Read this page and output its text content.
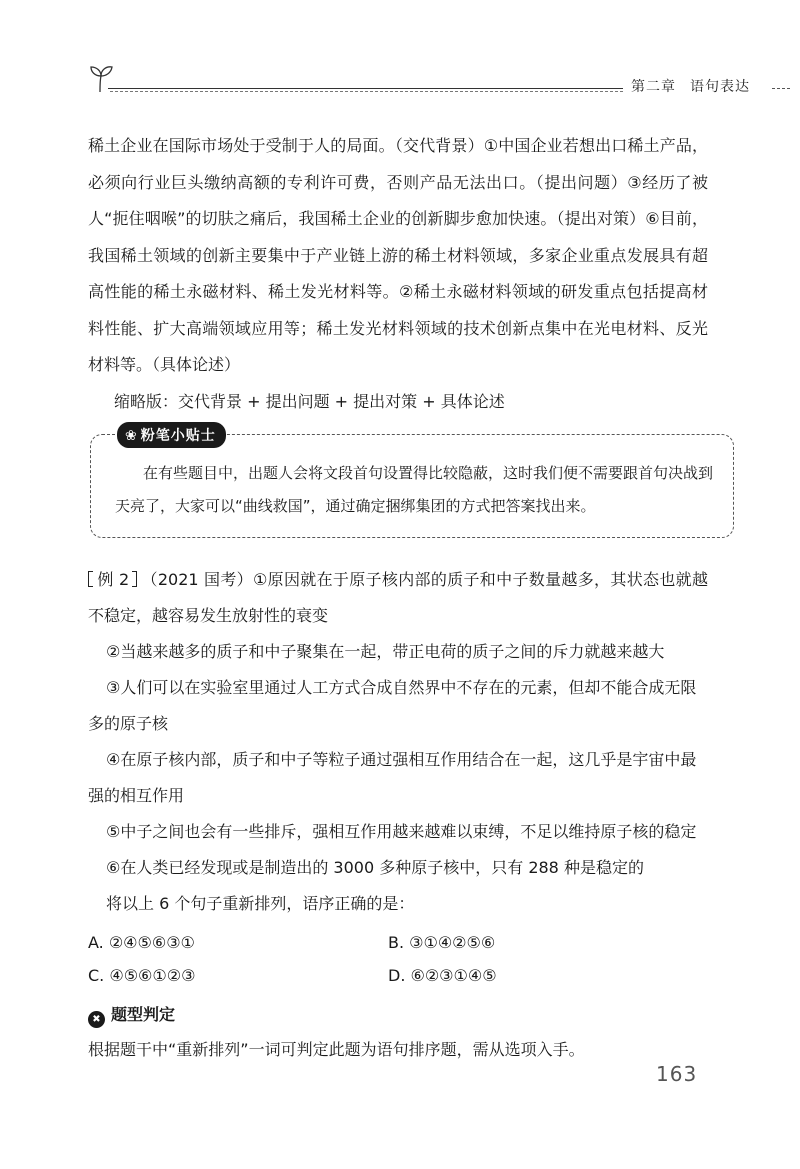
第二章 语句表达

稀土企业在国际市场处于受制于人的局面。（交代背景）①中国企业若想出口稀土产品，必须向行业巨头缴纳高额的专利许可费，否则产品无法出口。（提出问题）③经历了被人“扼住咽喉”的切肤之痛后，我国稀土企业的创新脚步愈加快速。（提出对策）⑥目前，我国稀土领域的创新主要集中于产业链上游的稀土材料领域，多家企业重点发展具有超高性能的稀土永磁材料、稀土发光材料等。②稀土永磁材料领域的研发重点包括提高材料性能、扩大高端领域应用等；稀土发光材料领域的技术创新点集中在光电材料、反光材料等。（具体论述）

缩略版：交代背景 + 提出问题 + 提出对策 + 具体论述

❀ 粉笔小贴士

在有些题目中，出题人会将文段首句设置得比较隐蔽，这时我们便不需要跟首句决战到天亮了，大家可以“曲线救国”，通过确定捆绑集团的方式把答案找出来。

例 2 （2021 国考）①原因就在于原子核内部的质子和中子数量越多，其状态也就越不稳定，越容易发生放射性的衰变

②当越来越多的质子和中子聚集在一起，带正电荷的质子之间的斥力就越来越大

③人们可以在实验室里通过人工方式合成自然界中不存在的元素，但却不能合成无限多的原子核

④在原子核内部，质子和中子等粒子通过强相互作用结合在一起，这几乎是宇宙中最强的相互作用

⑤中子之间也会有一些排斥，强相互作用越来越难以束缚，不足以维持原子核的稳定

⑥在人类已经发现或是制造出的 3000 多种原子核中，只有 288 种是稳定的

将以上 6 个句子重新排列，语序正确的是：

A. ②④⑤⑥③①	B. ③①④②⑤⑥
C. ④⑤⑥①②③	D. ⑥②③①④⑤

✖ 题型判定

根据题干中“重新排列”一词可判定此题为语句排序题，需从选项入手。

163
